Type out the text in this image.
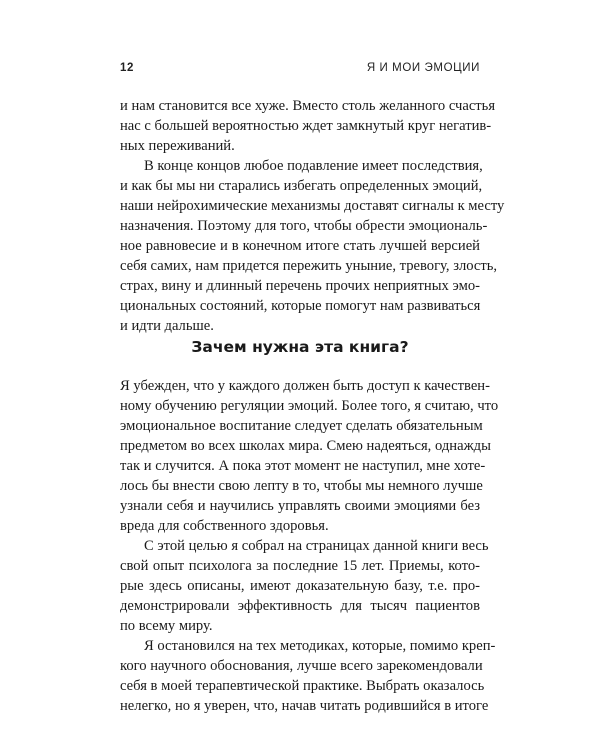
12	Я И МОИ ЭМОЦИИ
и нам становится все хуже. Вместо столь желанного счастья
нас с большей вероятностью ждет замкнутый круг негатив-
ных переживаний.
В конце концов любое подавление имеет последствия,
и как бы мы ни старались избегать определенных эмоций,
наши нейрохимические механизмы доставят сигналы к месту
назначения. Поэтому для того, чтобы обрести эмоциональ-
ное равновесие и в конечном итоге стать лучшей версией
себя самих, нам придется пережить уныние, тревогу, злость,
страх, вину и длинный перечень прочих неприятных эмо-
циональных состояний, которые помогут нам развиваться
и идти дальше.
Зачем нужна эта книга?
Я убежден, что у каждого должен быть доступ к качествен-
ному обучению регуляции эмоций. Более того, я считаю, что
эмоциональное воспитание следует сделать обязательным
предметом во всех школах мира. Смею надеяться, однажды
так и случится. А пока этот момент не наступил, мне хоте-
лось бы внести свою лепту в то, чтобы мы немного лучше
узнали себя и научились управлять своими эмоциями без
вреда для собственного здоровья.
С этой целью я собрал на страницах данной книги весь
свой опыт психолога за последние 15 лет. Приемы, кото-
рые здесь описаны, имеют доказательную базу, т.е. про-
демонстрировали эффективность для тысяч пациентов
по всему миру.
Я остановился на тех методиках, которые, помимо креп-
кого научного обоснования, лучше всего зарекомендовали
себя в моей терапевтической практике. Выбрать оказалось
нелегко, но я уверен, что, начав читать родившийся в итоге
